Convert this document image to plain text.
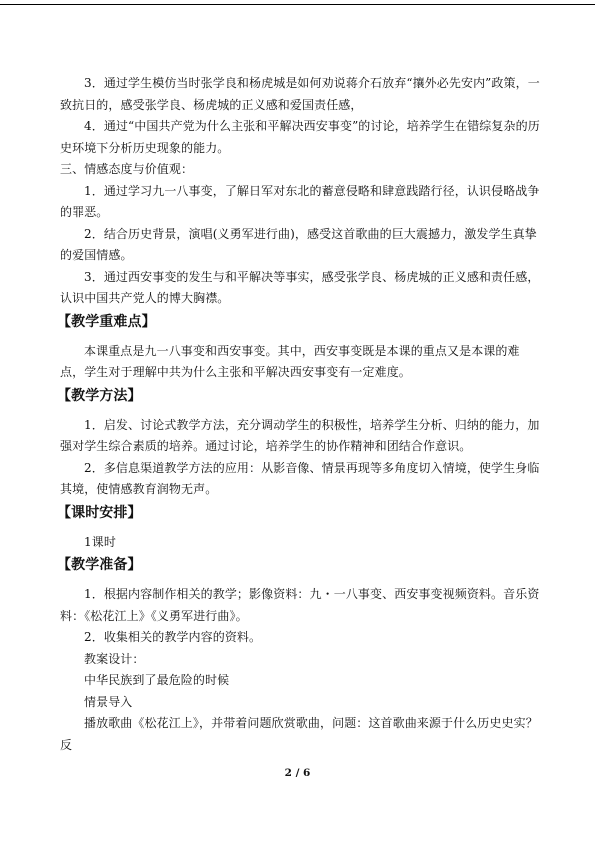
3．通过学生模仿当时张学良和杨虎城是如何劝说蒋介石放弃“攘外必先安内”政策，一致抗日的，感受张学良、杨虎城的正义感和爱国责任感，

4．通过“中国共产党为什么主张和平解决西安事变”的讨论，培养学生在错综复杂的历史环境下分析历史现象的能力。

三、情感态度与价值观：

1．通过学习九一八事变，了解日军对东北的蓄意侵略和肆意践踏行径，认识侵略战争的罪恶。

2．结合历史背景，演唱(义勇军进行曲)，感受这首歌曲的巨大震撼力，激发学生真挚的爱国情感。

3．通过西安事变的发生与和平解决等事实，感受张学良、杨虎城的正义感和责任感，认识中国共产党人的博大胸襟。

【教学重难点】

本课重点是九一八事变和西安事变。其中，西安事变既是本课的重点又是本课的难点，学生对于理解中共为什么主张和平解决西安事变有一定难度。

【教学方法】

1．启发、讨论式教学方法，充分调动学生的积极性，培养学生分析、归纳的能力，加强对学生综合素质的培养。通过讨论，培养学生的协作精神和团结合作意识。

2．多信息渠道教学方法的应用：从影音像、情景再现等多角度切入情境，使学生身临其境，使情感教育润物无声。

【课时安排】

1课时

【教学准备】

1．根据内容制作相关的教学；影像资料：九・一八事变、西安事变视频资料。音乐资料：《松花江上》《义勇军进行曲》。

2．收集相关的教学内容的资料。

教案设计：

中华民族到了最危险的时候

情景导入

播放歌曲《松花江上》，并带着问题欣赏歌曲，问题：这首歌曲来源于什么历史史实？反

2 / 6
